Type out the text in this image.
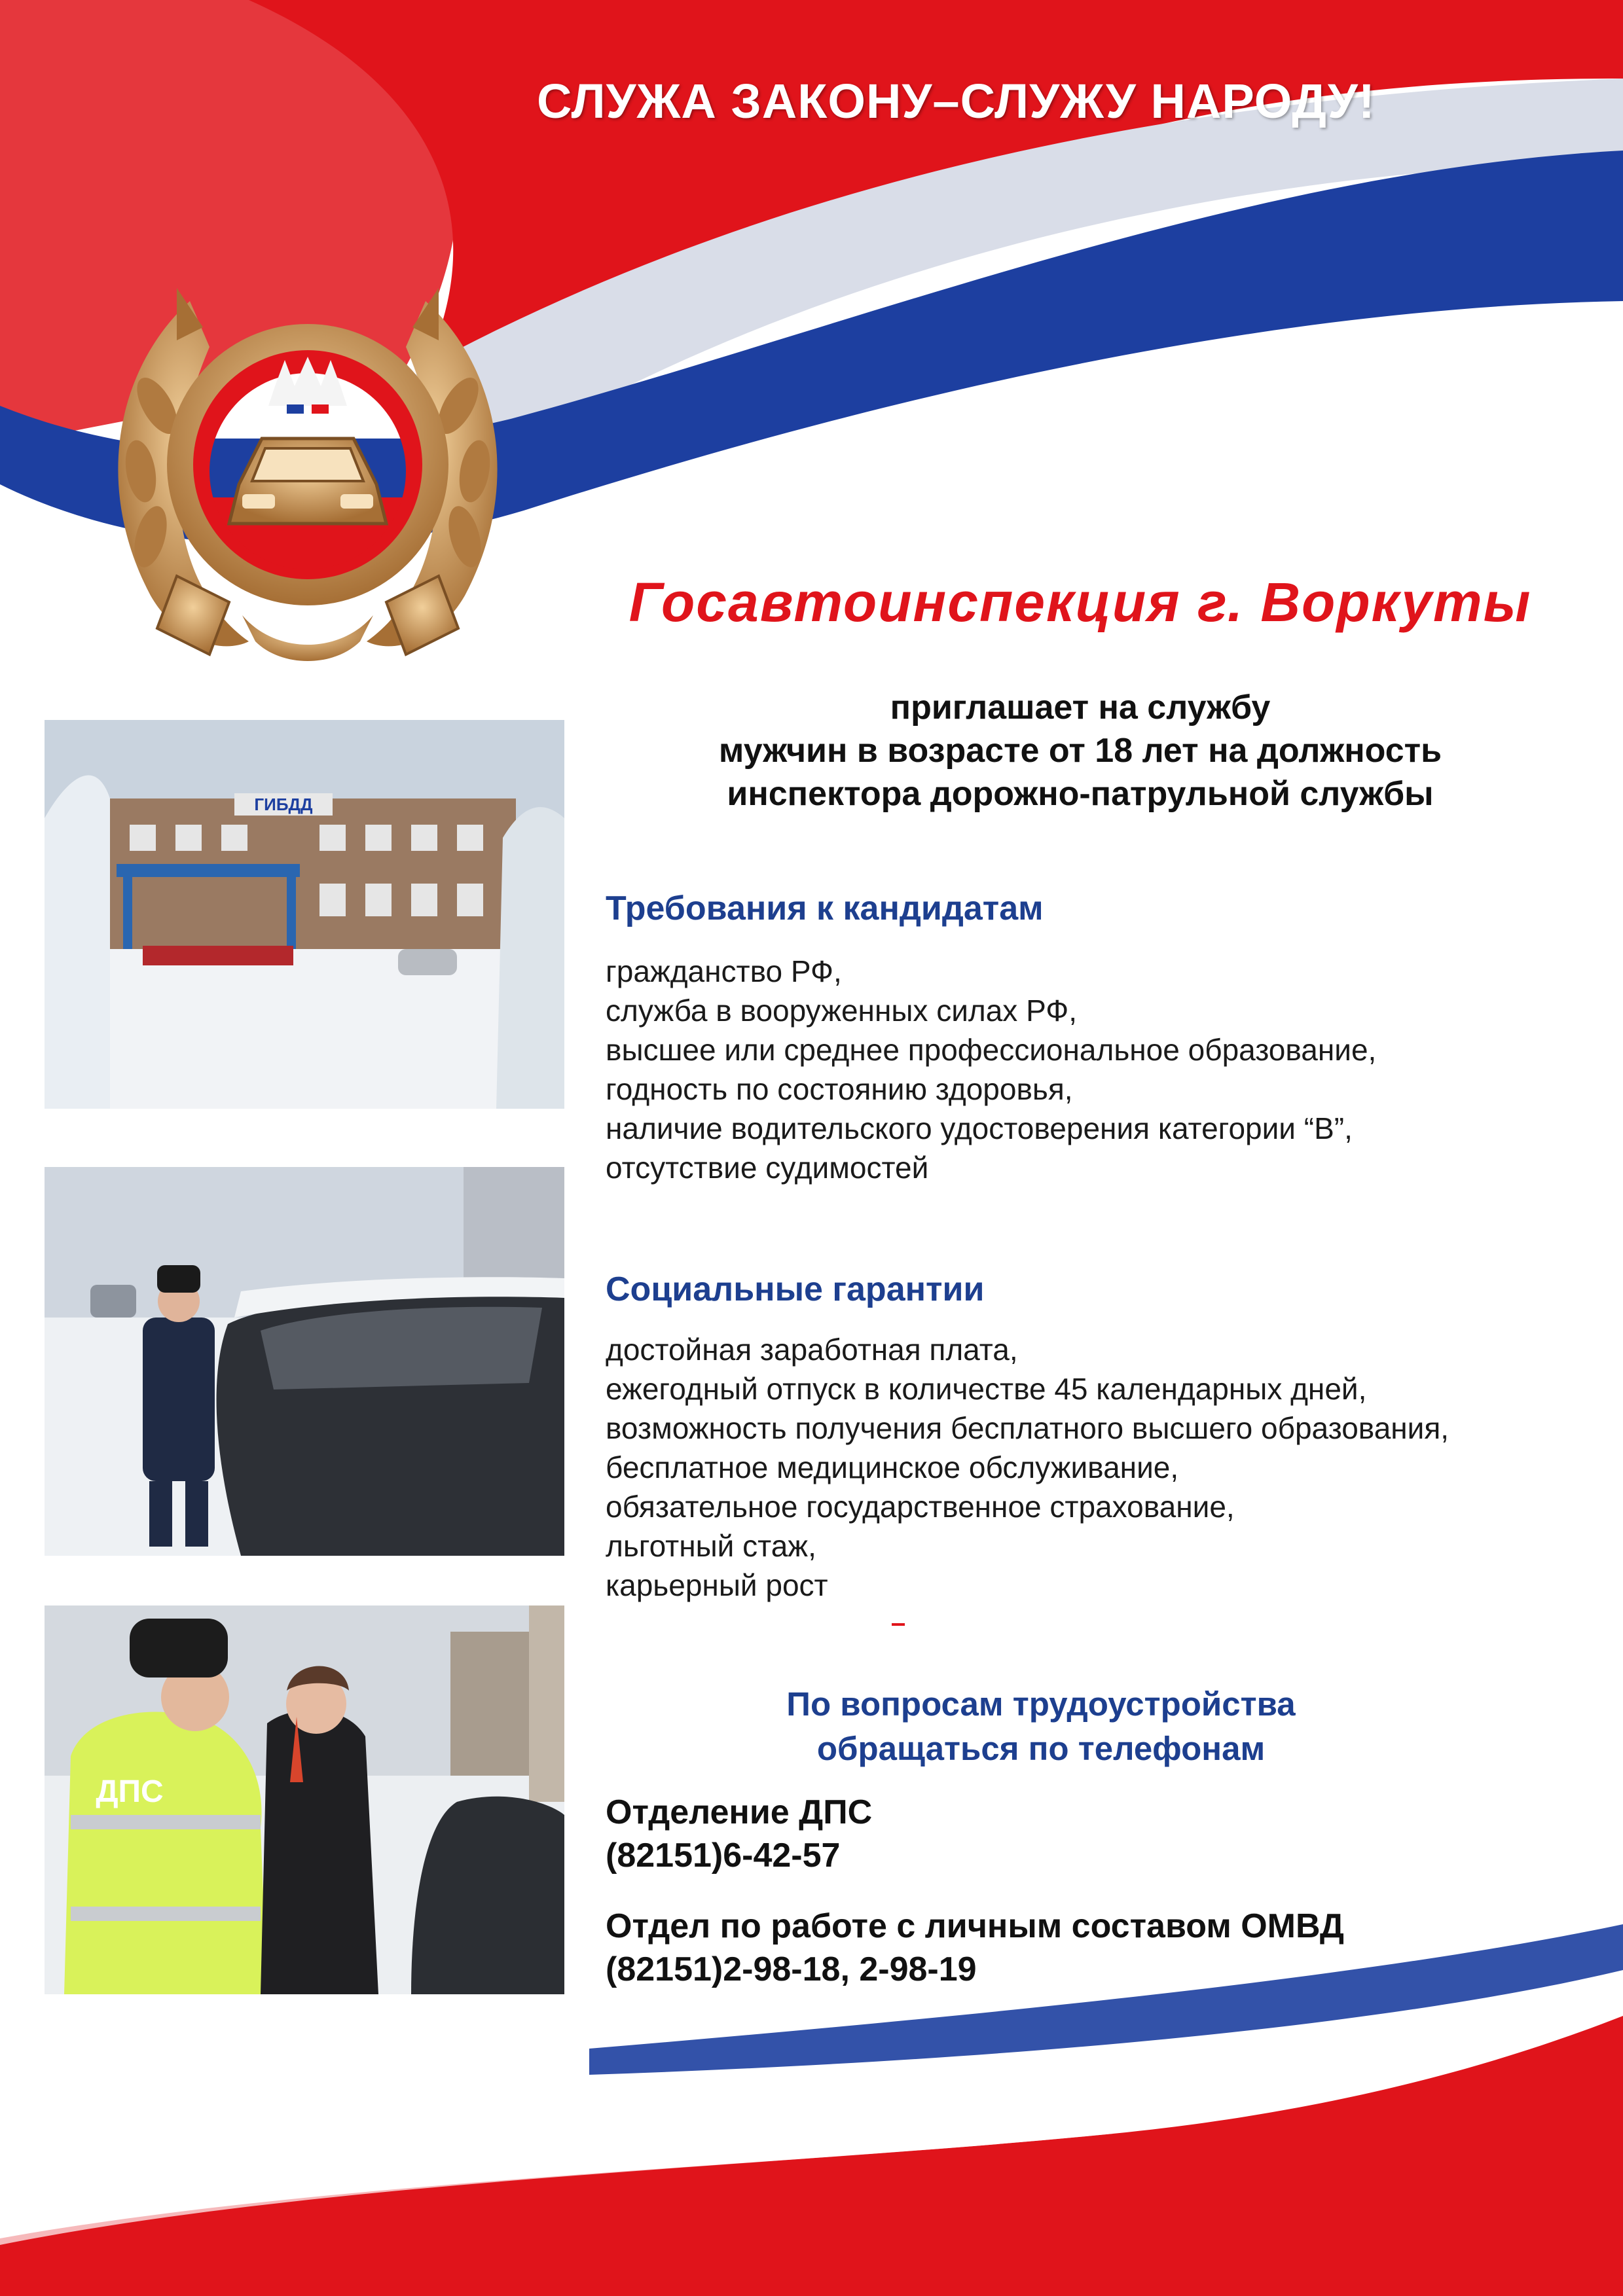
СЛУЖА ЗАКОНУ–СЛУЖУ НАРОДУ!
Госавтоинспекция г. Воркуты
приглашает на службу
мужчин в возрасте от 18 лет на должность
инспектора дорожно-патрульной службы
ГИБДД
ДПС
Требования к кандидатам
гражданство РФ,
служба в вооруженных силах РФ,
высшее или среднее профессиональное образование,
годность по состоянию здоровья,
наличие водительского удостоверения категории “В”,
отсутствие судимостей
Социальные гарантии
достойная заработная плата,
ежегодный отпуск в количестве 45 календарных дней,
возможность получения бесплатного высшего образования,
бесплатное медицинское обслуживание,
обязательное государственное страхование,
льготный стаж,
карьерный рост
По вопросам трудоустройства
обращаться по телефонам
Отделение ДПС
(82151)6-42-57
Отдел по работе с личным составом ОМВД
(82151)2-98-18, 2-98-19
